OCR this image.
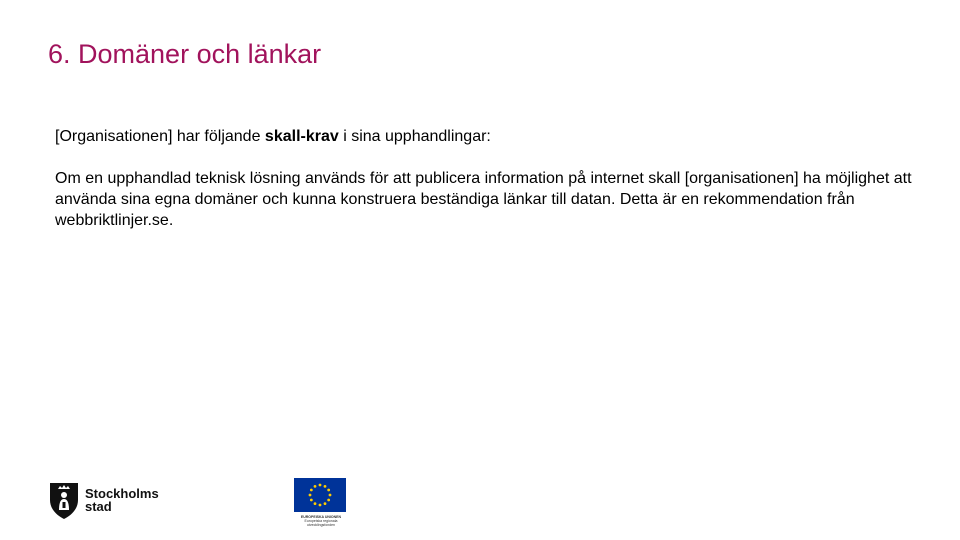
6. Domäner och länkar

[Organisationen] har följande skall-krav i sina upphandlingar:

Om en upphandlad teknisk lösning används för att publicera information på internet skall [organisationen] ha möjlighet att använda sina egna domäner och kunna konstruera beständiga länkar till datan. Detta är en rekommendation från webbriktlinjer.se.

Stockholms
stad
EUROPEISKA UNIONEN
Europeiska regionala
utvecklingsfonden
